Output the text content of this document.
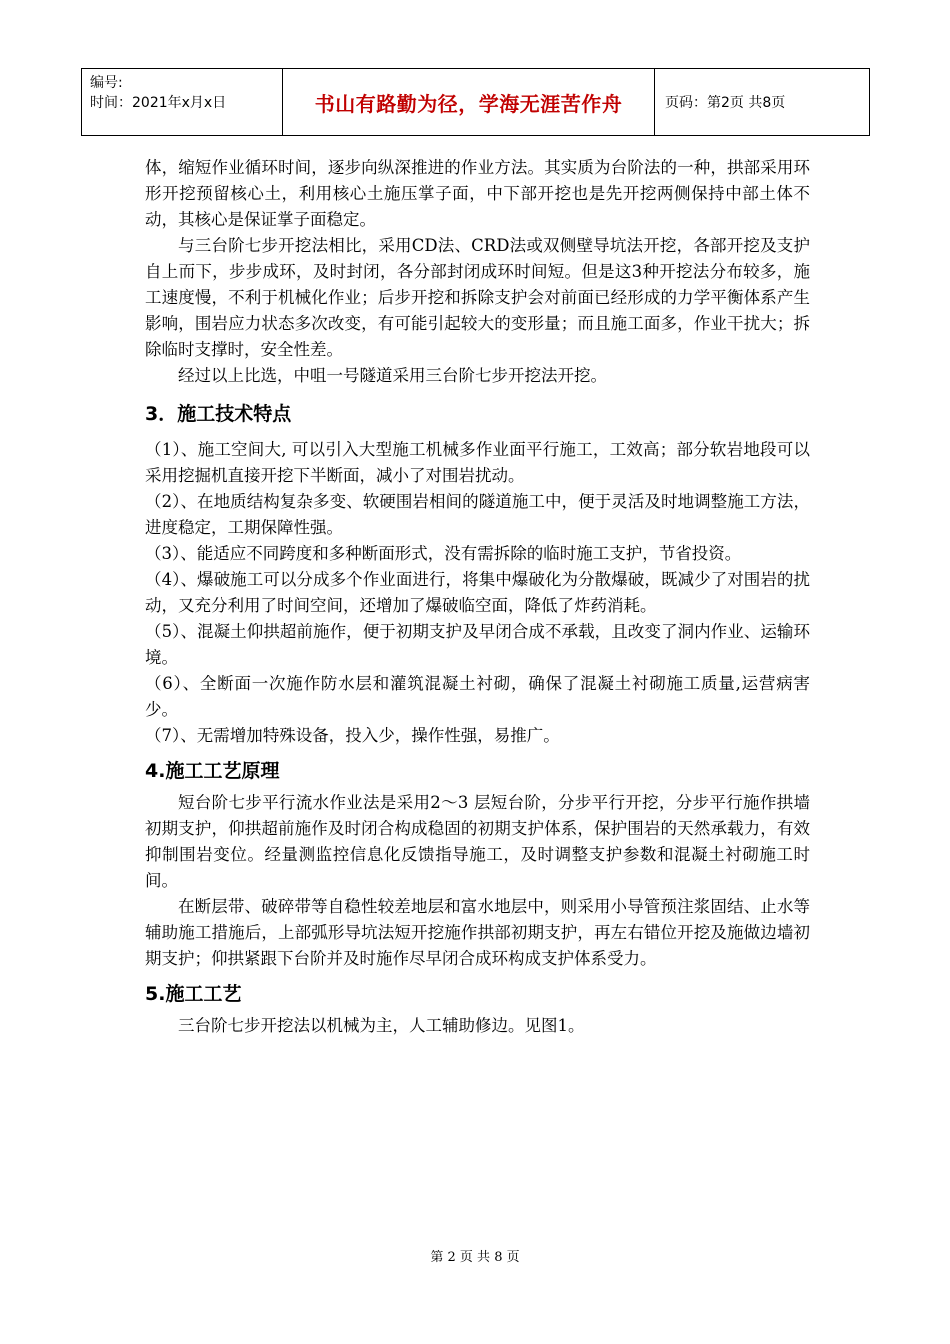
编号:
时间：2021年x月x日	书山有路勤为径，学海无涯苦作舟	页码：第2页 共8页

体，缩短作业循环时间，逐步向纵深推进的作业方法。其实质为台阶法的一种，拱部采用环形开挖预留核心土，利用核心土施压掌子面，中下部开挖也是先开挖两侧保持中部土体不动，其核心是保证掌子面稳定。

与三台阶七步开挖法相比，采用CD法、CRD法或双侧壁导坑法开挖，各部开挖及支护自上而下，步步成环，及时封闭，各分部封闭成环时间短。但是这3种开挖法分布较多，施工速度慢，不利于机械化作业；后步开挖和拆除支护会对前面已经形成的力学平衡体系产生影响，围岩应力状态多次改变，有可能引起较大的变形量；而且施工面多，作业干扰大；拆除临时支撑时，安全性差。

经过以上比选，中咀一号隧道采用三台阶七步开挖法开挖。

3．施工技术特点

（1）、施工空间大, 可以引入大型施工机械多作业面平行施工，工效高；部分软岩地段可以采用挖掘机直接开挖下半断面，减小了对围岩扰动。

（2）、在地质结构复杂多变、软硬围岩相间的隧道施工中，便于灵活及时地调整施工方法，进度稳定，工期保障性强。

（3）、能适应不同跨度和多种断面形式，没有需拆除的临时施工支护，节省投资。

（4）、爆破施工可以分成多个作业面进行，将集中爆破化为分散爆破，既减少了对围岩的扰动，又充分利用了时间空间，还增加了爆破临空面，降低了炸药消耗。

（5）、混凝土仰拱超前施作，便于初期支护及早闭合成不承载，且改变了洞内作业、运输环境。

（6）、全断面一次施作防水层和灌筑混凝土衬砌，确保了混凝土衬砌施工质量,运营病害少。

（7）、无需增加特殊设备，投入少，操作性强，易推广。

4.施工工艺原理

短台阶七步平行流水作业法是采用2～3 层短台阶，分步平行开挖，分步平行施作拱墙初期支护，仰拱超前施作及时闭合构成稳固的初期支护体系，保护围岩的天然承载力，有效抑制围岩变位。经量测监控信息化反馈指导施工，及时调整支护参数和混凝土衬砌施工时间。

在断层带、破碎带等自稳性较差地层和富水地层中，则采用小导管预注浆固结、止水等辅助施工措施后，上部弧形导坑法短开挖施作拱部初期支护，再左右错位开挖及施做边墙初期支护；仰拱紧跟下台阶并及时施作尽早闭合成环构成支护体系受力。

5.施工工艺

三台阶七步开挖法以机械为主，人工辅助修边。见图1。

第 2 页 共 8 页
